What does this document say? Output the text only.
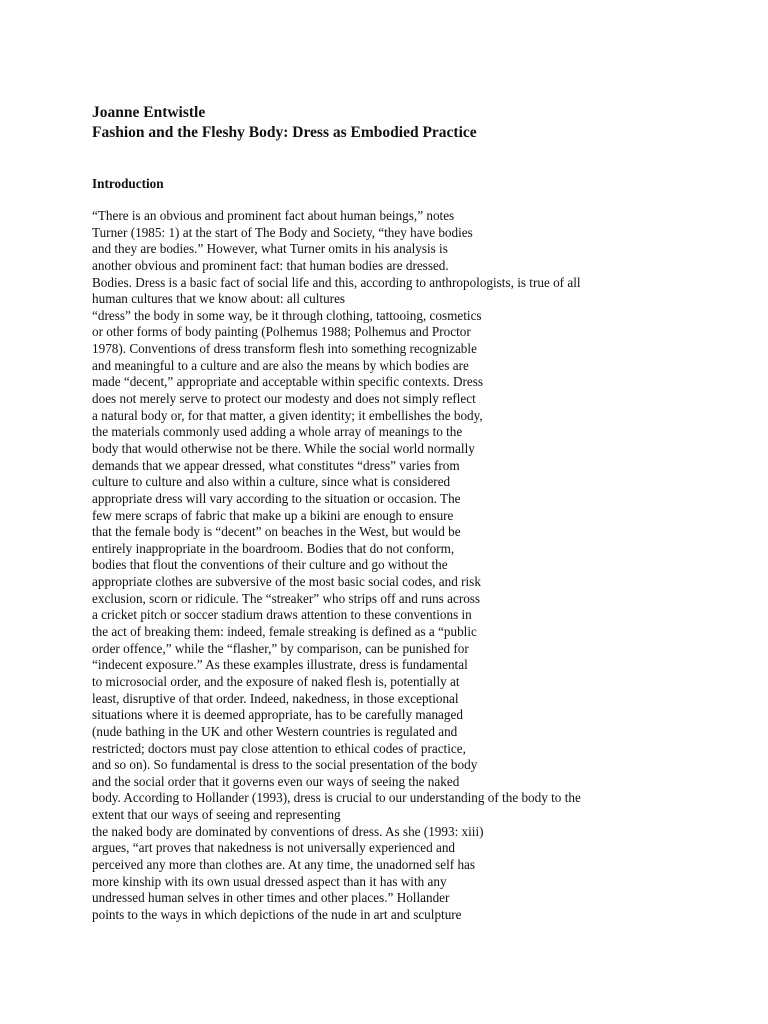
Joanne Entwistle
Fashion and the Fleshy Body: Dress as Embodied Practice
Introduction
“There is an obvious and prominent fact about human beings,” notes
Turner (1985: 1) at the start of The Body and Society, “they have bodies
and they are bodies.” However, what Turner omits in his analysis is
another obvious and prominent fact: that human bodies are dressed.
Bodies. Dress is a basic fact of social life and this, according to anthropologists, is true of all
human cultures that we know about: all cultures
“dress” the body in some way, be it through clothing, tattooing, cosmetics
or other forms of body painting (Polhemus 1988; Polhemus and Proctor
1978). Conventions of dress transform flesh into something recognizable
and meaningful to a culture and are also the means by which bodies are
made “decent,” appropriate and acceptable within specific contexts. Dress
does not merely serve to protect our modesty and does not simply reflect
a natural body or, for that matter, a given identity; it embellishes the body,
the materials commonly used adding a whole array of meanings to the
body that would otherwise not be there. While the social world normally
demands that we appear dressed, what constitutes “dress” varies from
culture to culture and also within a culture, since what is considered
appropriate dress will vary according to the situation or occasion. The
few mere scraps of fabric that make up a bikini are enough to ensure
that the female body is “decent” on beaches in the West, but would be
entirely inappropriate in the boardroom. Bodies that do not conform,
bodies that flout the conventions of their culture and go without the
appropriate clothes are subversive of the most basic social codes, and risk
exclusion, scorn or ridicule. The “streaker” who strips off and runs across
a cricket pitch or soccer stadium draws attention to these conventions in
the act of breaking them: indeed, female streaking is defined as a “public
order offence,” while the “flasher,” by comparison, can be punished for
“indecent exposure.” As these examples illustrate, dress is fundamental
to microsocial order, and the exposure of naked flesh is, potentially at
least, disruptive of that order. Indeed, nakedness, in those exceptional
situations where it is deemed appropriate, has to be carefully managed
(nude bathing in the UK and other Western countries is regulated and
restricted; doctors must pay close attention to ethical codes of practice,
and so on). So fundamental is dress to the social presentation of the body
and the social order that it governs even our ways of seeing the naked
body. According to Hollander (1993), dress is crucial to our understanding of the body to the
extent that our ways of seeing and representing
the naked body are dominated by conventions of dress. As she (1993: xiii)
argues, “art proves that nakedness is not universally experienced and
perceived any more than clothes are. At any time, the unadorned self has
more kinship with its own usual dressed aspect than it has with any
undressed human selves in other times and other places.” Hollander
points to the ways in which depictions of the nude in art and sculpture
